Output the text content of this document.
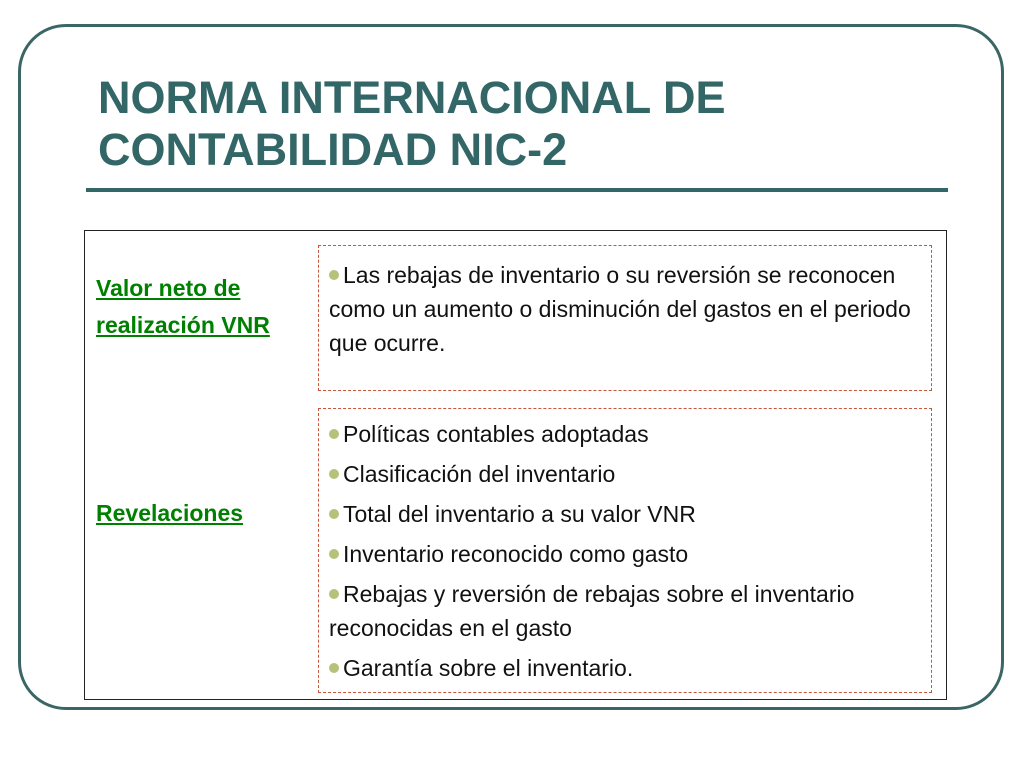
NORMA INTERNACIONAL DE CONTABILIDAD NIC-2
Valor neto de realización VNR
Revelaciones

Las rebajas de inventario o su reversión se reconocen como un aumento o disminución del gastos en el periodo que ocurre.

Políticas contables adoptadas
Clasificación del inventario
Total del inventario a su valor VNR
Inventario reconocido como gasto
Rebajas y reversión de rebajas sobre el inventario reconocidas en el gasto
Garantía sobre el inventario.
